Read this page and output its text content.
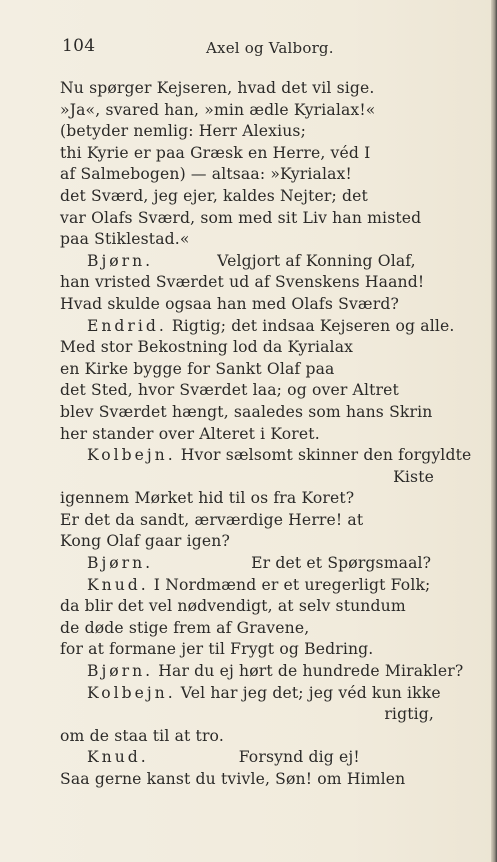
104	Axel og Valborg.
Nu spørger Kejseren, hvad det vil sige.
»Ja«, svared han, »min ædle Kyrialax!«
(betyder nemlig: Herr Alexius;
thi Kyrie er paa Græsk en Herre, véd I
af Salmebogen) — altsaa: »Kyrialax!
det Sværd, jeg ejer, kaldes Nejter; det
var Olafs Sværd, som med sit Liv han misted
paa Stiklestad.«
Bjørn.	Velgjort af Konning Olaf,
han vristed Sværdet ud af Svenskens Haand!
Hvad skulde ogsaa han med Olafs Sværd?
Endrid. Rigtig; det indsaa Kejseren og alle.
Med stor Bekostning lod da Kyrialax
en Kirke bygge for Sankt Olaf paa
det Sted, hvor Sværdet laa; og over Altret
blev Sværdet hængt, saaledes som hans Skrin
her stander over Alteret i Koret.
Kolbejn. Hvor sælsomt skinner den forgyldte
Kiste
igennem Mørket hid til os fra Koret?
Er det da sandt, ærværdige Herre! at
Kong Olaf gaar igen?
Bjørn.	Er det et Spørgsmaal?
Knud. I Nordmænd er et uregerligt Folk;
da blir det vel nødvendigt, at selv stundum
de døde stige frem af Gravene,
for at formane jer til Frygt og Bedring.
Bjørn. Har du ej hørt de hundrede Mirakler?
Kolbejn. Vel har jeg det; jeg véd kun ikke
rigtig,
om de staa til at tro.
Knud.	Forsynd dig ej!
Saa gerne kanst du tvivle, Søn! om Himlen
